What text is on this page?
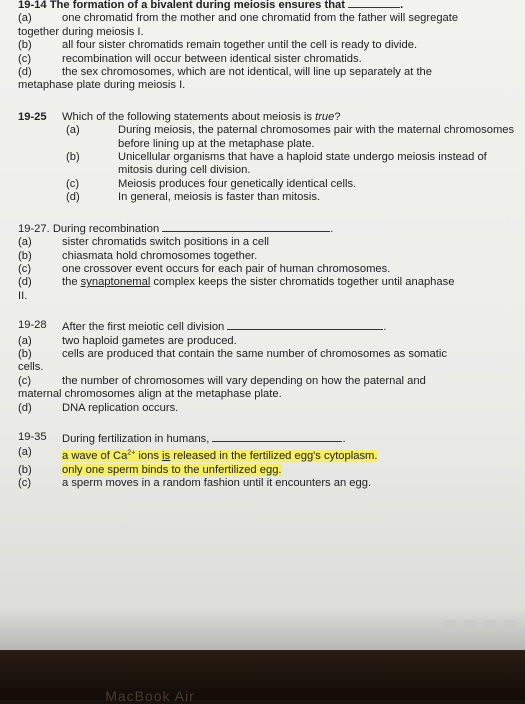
19-14 The formation of a bivalent during meiosis ensures that	.
(a)	one chromatid from the mother and one chromatid from the father will segregate
together during meiosis I.
(b)	all four sister chromatids remain together until the cell is ready to divide.
(c)	recombination will occur between identical sister chromatids.
(d)	the sex chromosomes, which are not identical, will line up separately at the
metaphase plate during meiosis I.
19-25	Which of the following statements about meiosis is true?
(a)	During meiosis, the paternal chromosomes pair with the maternal chromosomes before lining up at the metaphase plate.
(b)	Unicellular organisms that have a haploid state undergo meiosis instead of mitosis during cell division.
(c)	Meiosis produces four genetically identical cells.
(d)	In general, meiosis is faster than mitosis.
19-27. During recombination	.
(a)	sister chromatids switch positions in a cell
(b)	chiasmata hold chromosomes together.
(c)	one crossover event occurs for each pair of human chromosomes.
(d)	the synaptonemal complex keeps the sister chromatids together until anaphase
II.
19-28	After the first meiotic cell division	.
(a)	two haploid gametes are produced.
(b)	cells are produced that contain the same number of chromosomes as somatic
cells.
(c)	the number of chromosomes will vary depending on how the paternal and
maternal chromosomes align at the metaphase plate.
(d)	DNA replication occurs.
19-35	During fertilization in humans,	.
(a)	a wave of $Ca^{2+}$ ions is released in the fertilized egg's cytoplasm.
(b)	only one sperm binds to the unfertilized egg.
(c)	a sperm moves in a random fashion until it encounters an egg.
MacBook Air
